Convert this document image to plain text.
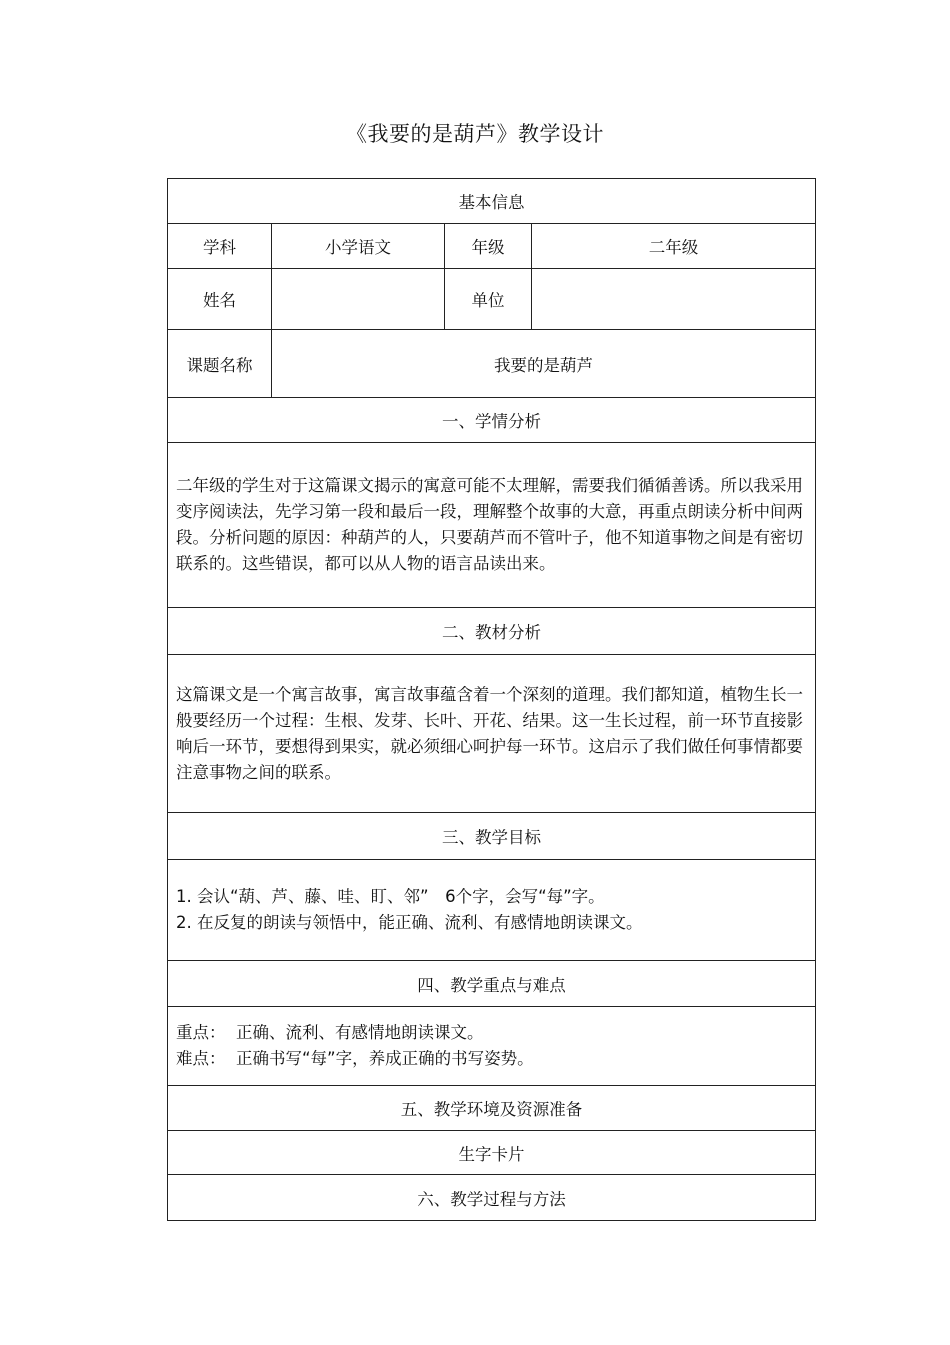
《我要的是葫芦》教学设计
基本信息			
学科	小学语文	年级	二年级
姓名		单位	
课题名称	我要的是葫芦		
一、学情分析			
二年级的学生对于这篇课文揭示的寓意可能不太理解，需要我们循循善诱。所以我采用变序阅读法，先学习第一段和最后一段，理解整个故事的大意，再重点朗读分析中间两段。分析问题的原因：种葫芦的人，只要葫芦而不管叶子，他不知道事物之间是有密切联系的。这些错误，都可以从人物的语言品读出来。			
二、教材分析			
这篇课文是一个寓言故事，寓言故事蕴含着一个深刻的道理。我们都知道，植物生长一般要经历一个过程：生根、发芽、长叶、开花、结果。这一生长过程，前一环节直接影响后一环节，要想得到果实，就必须细心呵护每一环节。这启示了我们做任何事情都要注意事物之间的联系。			
三、教学目标			

1. 会认“葫、芦、藤、哇、盯、邻”　6个字，会写“每”字。
2. 在反复的朗读与领悟中，能正确、流利、有感情地朗读课文。			

四、教学重点与难点			

重点：  正确、流利、有感情地朗读课文。
难点：  正确书写“每”字，养成正确的书写姿势。			

五、教学环境及资源准备			
生字卡片			
六、教学过程与方法			
